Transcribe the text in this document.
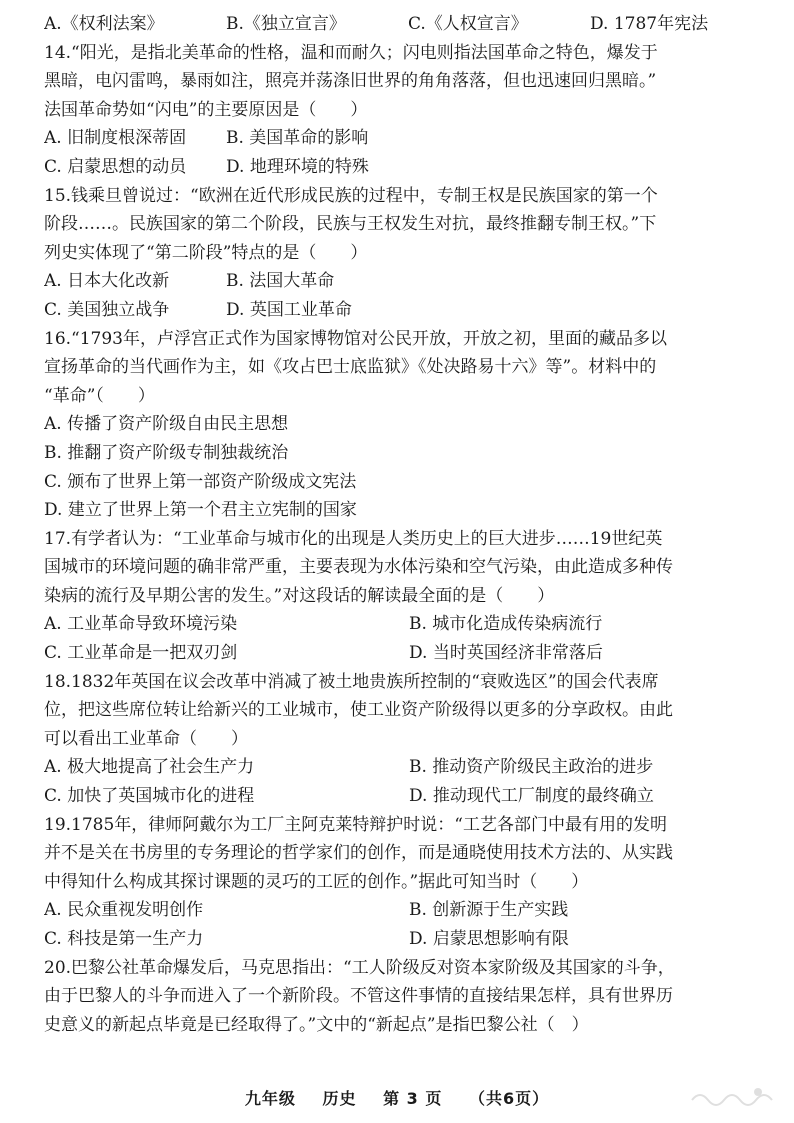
A.《权利法案》	B.《独立宣言》	C.《人权宣言》	D. 1787年宪法
14.“阳光，是指北美革命的性格，温和而耐久；闪电则指法国革命之特色，爆发于
黑暗，电闪雷鸣，暴雨如注，照亮并荡涤旧世界的角角落落，但也迅速回归黑暗。”
法国革命势如“闪电”的主要原因是（　　）
A. 旧制度根深蒂固	B. 美国革命的影响
C. 启蒙思想的动员	D. 地理环境的特殊
15.钱乘旦曾说过：“欧洲在近代形成民族的过程中，专制王权是民族国家的第一个
阶段……。民族国家的第二个阶段，民族与王权发生对抗，最终推翻专制王权。”下
列史实体现了“第二阶段”特点的是（　　）
A. 日本大化改新	B. 法国大革命
C. 美国独立战争	D. 英国工业革命
16.“1793年，卢浮宫正式作为国家博物馆对公民开放，开放之初，里面的藏品多以
宣扬革命的当代画作为主，如《攻占巴士底监狱》《处决路易十六》等”。材料中的
“革命”（　　）
A. 传播了资产阶级自由民主思想
B. 推翻了资产阶级专制独裁统治
C. 颁布了世界上第一部资产阶级成文宪法
D. 建立了世界上第一个君主立宪制的国家
17.有学者认为：“工业革命与城市化的出现是人类历史上的巨大进步……19世纪英
国城市的环境问题的确非常严重，主要表现为水体污染和空气污染，由此造成多种传
染病的流行及早期公害的发生。”对这段话的解读最全面的是（　　）
A. 工业革命导致环境污染	B. 城市化造成传染病流行
C. 工业革命是一把双刃剑	D. 当时英国经济非常落后
18.1832年英国在议会改革中消减了被土地贵族所控制的“衰败选区”的国会代表席
位，把这些席位转让给新兴的工业城市，使工业资产阶级得以更多的分享政权。由此
可以看出工业革命（　　）
A. 极大地提高了社会生产力	B. 推动资产阶级民主政治的进步
C. 加快了英国城市化的进程	D. 推动现代工厂制度的最终确立
19.1785年，律师阿戴尔为工厂主阿克莱特辩护时说：“工艺各部门中最有用的发明
并不是关在书房里的专务理论的哲学家们的创作，而是通晓使用技术方法的、从实践
中得知什么构成其探讨课题的灵巧的工匠的创作。”据此可知当时（　　）
A. 民众重视发明创作	B. 创新源于生产实践
C. 科技是第一生产力	D. 启蒙思想影响有限
20.巴黎公社革命爆发后，马克思指出：“工人阶级反对资本家阶级及其国家的斗争，
由于巴黎人的斗争而进入了一个新阶段。不管这件事情的直接结果怎样，具有世界历
史意义的新起点毕竟是已经取得了。”文中的“新起点”是指巴黎公社（　）
九年级 历史 第 3 页 （共6页）
